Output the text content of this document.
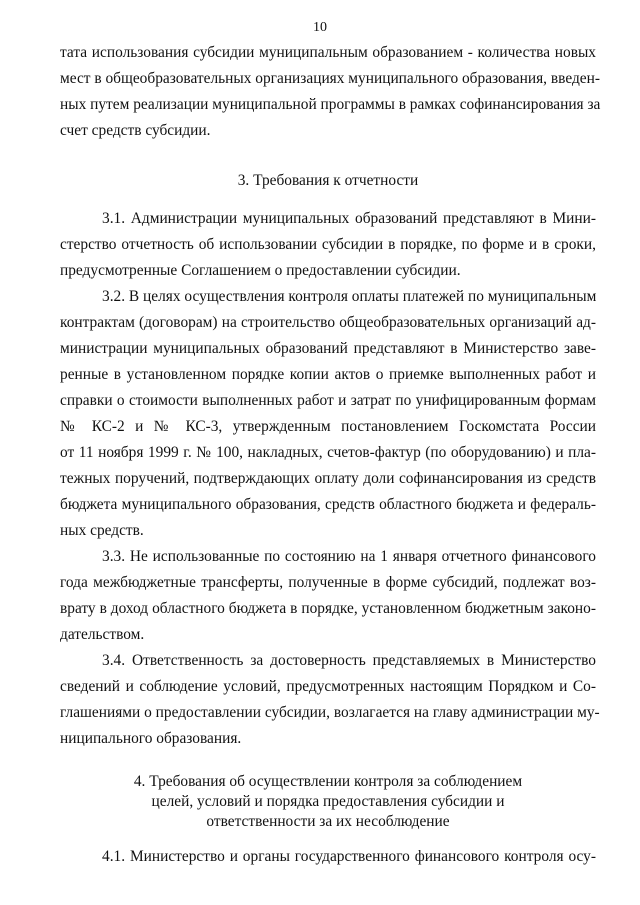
10
тата использования субсидии муниципальным образованием - количества новых
мест в общеобразовательных организациях муниципального образования, введен-
ных путем реализации муниципальной программы в рамках софинансирования за
счет средств субсидии.
3. Требования к отчетности
3.1. Администрации муниципальных образований представляют в Мини-
стерство отчетность об использовании субсидии в порядке, по форме и в сроки,
предусмотренные Соглашением о предоставлении субсидии.
3.2. В целях осуществления контроля оплаты платежей по муниципальным
контрактам (договорам) на строительство общеобразовательных организаций ад-
министрации муниципальных образований представляют в Министерство заве-
ренные в установленном порядке копии актов о приемке выполненных работ и
справки о стоимости выполненных работ и затрат по унифицированным формам
№ КС-2 и № КС-3, утвержденным постановлением Госкомстата России
от 11 ноября 1999 г. № 100, накладных, счетов-фактур (по оборудованию) и пла-
тежных поручений, подтверждающих оплату доли софинансирования из средств
бюджета муниципального образования, средств областного бюджета и федераль-
ных средств.
3.3. Не использованные по состоянию на 1 января отчетного финансового
года межбюджетные трансферты, полученные в форме субсидий, подлежат воз-
врату в доход областного бюджета в порядке, установленном бюджетным законо-
дательством.
3.4. Ответственность за достоверность представляемых в Министерство
сведений и соблюдение условий, предусмотренных настоящим Порядком и Со-
глашениями о предоставлении субсидии, возлагается на главу администрации му-
ниципального образования.
4. Требования об осуществлении контроля за соблюдением
целей, условий и порядка предоставления субсидии и
ответственности за их несоблюдение
4.1. Министерство и органы государственного финансового контроля осу-
